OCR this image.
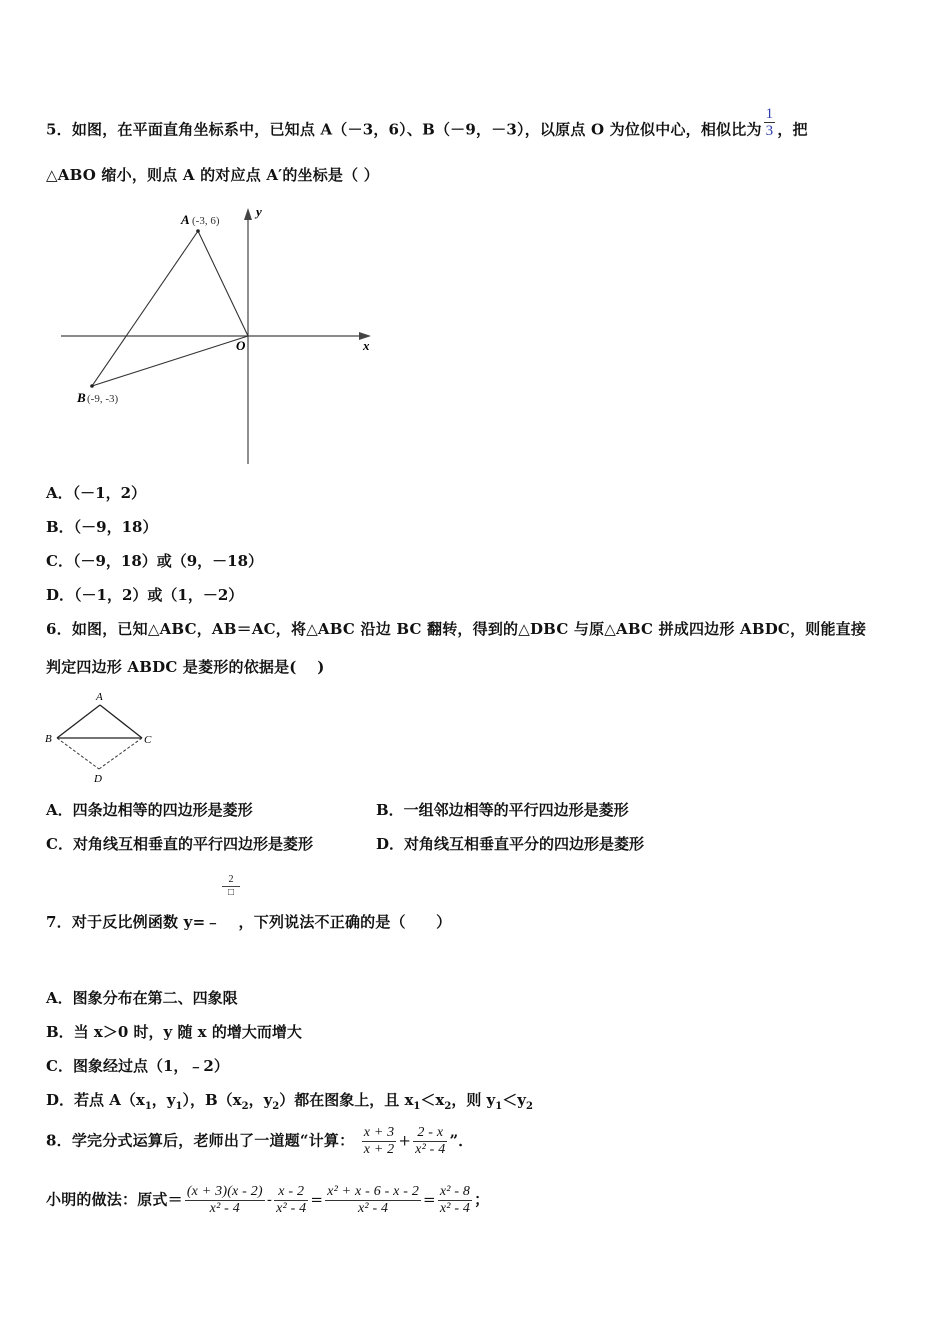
5．如图，在平面直角坐标系中，已知点 A（－3，6）、B（－9，－3），以原点 O 为位似中心，相似比为 $\frac{1}{3}$ ，把
△ABO 缩小，则点 A 的对应点 A′的坐标是（ ）
A (-3, 6)
B (-9, -3)
O	x
y
A．（－1，2）
B．（－9，18）
C．（－9，18）或（9，－18）
D．（－1，2）或（1，－2）
6．如图，已知△ABC，AB＝AC，将△ABC 沿边 BC 翻转，得到的△DBC 与原△ABC 拼成四边形 ABDC，则能直接
判定四边形 ABDC 是菱形的依据是(　 )
A
B	C
D
A．四条边相等的四边形是菱形	B．一组邻边相等的平行四边形是菱形
C．对角线互相垂直的平行四边形是菱形	D．对角线互相垂直平分的四边形是菱形
2
□
7．对于反比例函数 y=﹣ ，下列说法不正确的是（　　）
A．图象分布在第二、四象限
B．当 x＞0 时，y 随 x 的增大而增大
C．图象经过点（1，﹣2）
D．若点 $A(x_1$，$y_1$），$B(x_2$，$y_2$）都在图象上，且 $x_1<x_2$，则 $y_1<y_2$
8．学完分式运算后，老师出了一道题“计算： $\frac{x + 3}{x + 2} + \frac{2 - x}{\text{x² - 4}}$ ”．
小明的做法：原式＝ $\frac{(x + 3)(x - 2)}{\text{x² - 4}} - \frac{x - 2}{\text{x² - 4}} = \frac{\text{x² + x - 6 - x - 2}}{\text{x² - 4}} = \frac{\text{x² - 8}}{\text{x² - 4}}$ ；
